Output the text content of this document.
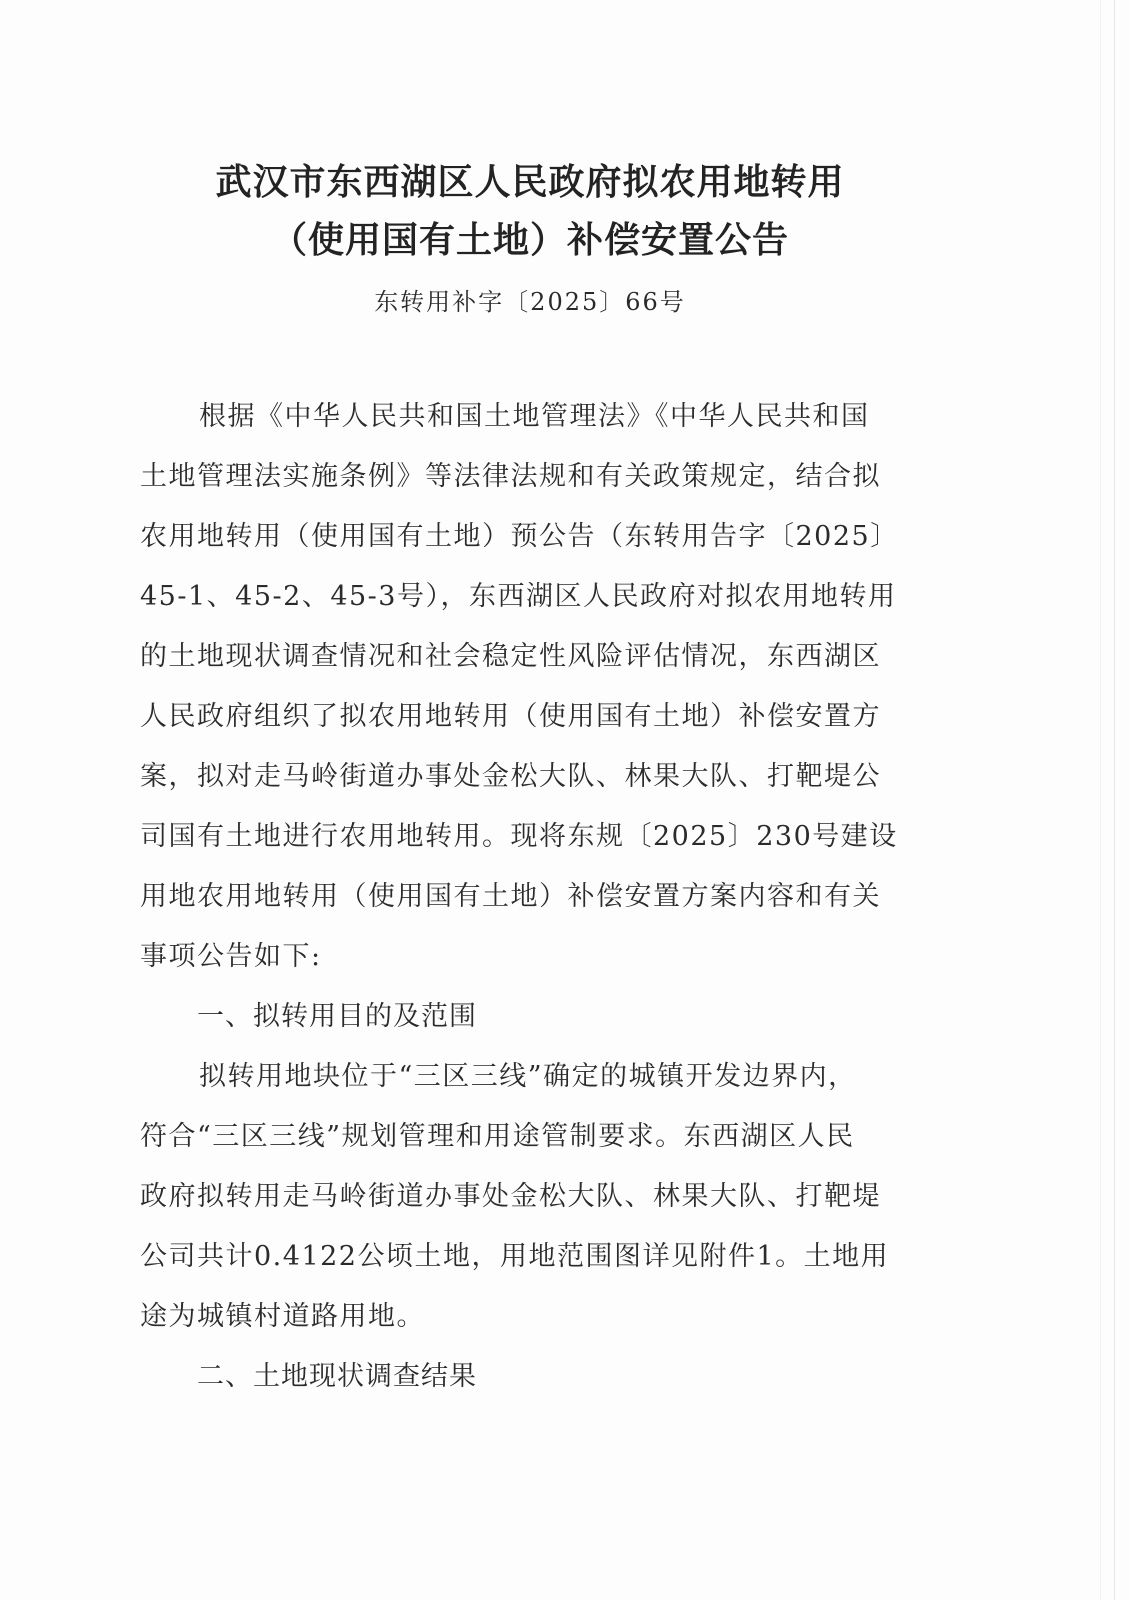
武汉市东西湖区人民政府拟农用地转用
（使用国有土地）补偿安置公告
东转用补字〔2025〕66号
根据《中华人民共和国土地管理法》《中华人民共和国
土地管理法实施条例》等法律法规和有关政策规定，结合拟
农用地转用（使用国有土地）预公告（东转用告字〔2025〕
45-1、45-2、45-3号），东西湖区人民政府对拟农用地转用
的土地现状调查情况和社会稳定性风险评估情况，东西湖区
人民政府组织了拟农用地转用（使用国有土地）补偿安置方
案，拟对走马岭街道办事处金松大队、林果大队、打靶堤公
司国有土地进行农用地转用。现将东规〔2025〕230号建设
用地农用地转用（使用国有土地）补偿安置方案内容和有关
事项公告如下:
一、拟转用目的及范围
拟转用地块位于“三区三线”确定的城镇开发边界内，
符合“三区三线”规划管理和用途管制要求。东西湖区人民
政府拟转用走马岭街道办事处金松大队、林果大队、打靶堤
公司共计0.4122公顷土地，用地范围图详见附件1。土地用
途为城镇村道路用地。
二、土地现状调查结果
